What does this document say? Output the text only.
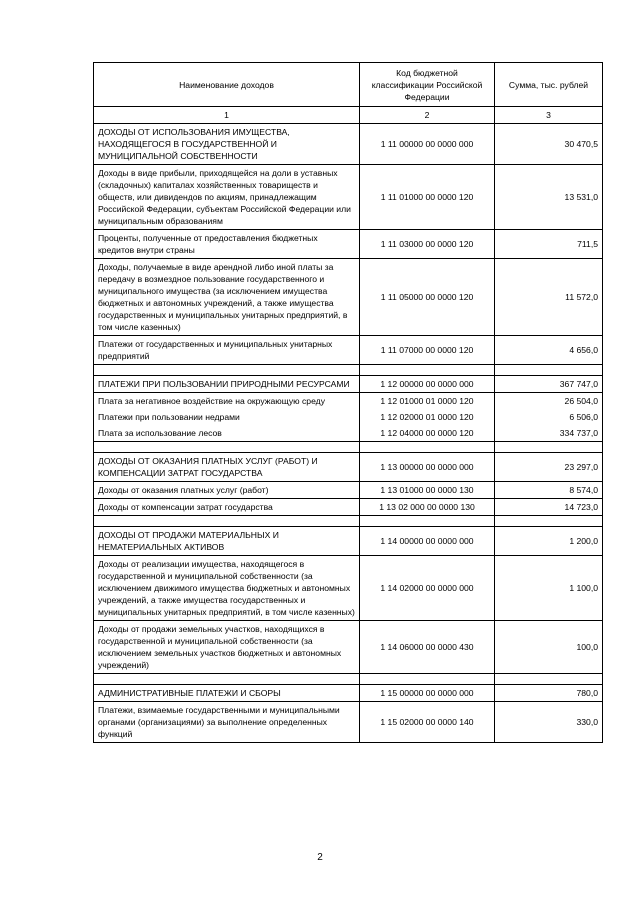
Наименование доходов	Код бюджетной классификации Российской Федерации	Сумма, тыс. рублей
1	2	3
ДОХОДЫ ОТ ИСПОЛЬЗОВАНИЯ ИМУЩЕСТВА, НАХОДЯЩЕГОСЯ В ГОСУДАРСТВЕННОЙ И МУНИЦИПАЛЬНОЙ СОБСТВЕННОСТИ	1 11 00000 00 0000 000	30 470,5
Доходы в виде прибыли, приходящейся на доли в уставных (складочных) капиталах хозяйственных товариществ и обществ, или дивидендов по акциям, принадлежащим Российской Федерации, субъектам Российской Федерации или муниципальным образованиям	1 11 01000 00 0000 120	13 531,0
Проценты, полученные от предоставления бюджетных кредитов внутри страны	1 11 03000 00 0000 120	711,5
Доходы, получаемые в виде арендной либо иной платы за передачу в возмездное пользование государственного и муниципального имущества (за исключением имущества бюджетных и автономных учреждений, а также имущества государственных и муниципальных унитарных предприятий, в том числе казенных)	1 11 05000 00 0000 120	11 572,0
Платежи от государственных и муниципальных унитарных предприятий	1 11 07000 00 0000 120	4 656,0

ПЛАТЕЖИ ПРИ ПОЛЬЗОВАНИИ ПРИРОДНЫМИ РЕСУРСАМИ	1 12 00000 00 0000 000	367 747,0
Плата за негативное воздействие на окружающую среду	1 12 01000 01 0000 120	26 504,0
Платежи при пользовании недрами	1 12 02000 01 0000 120	6 506,0
Плата за использование лесов	1 12 04000 00 0000 120	334 737,0

ДОХОДЫ ОТ ОКАЗАНИЯ ПЛАТНЫХ УСЛУГ (РАБОТ) И КОМПЕНСАЦИИ ЗАТРАТ ГОСУДАРСТВА	1 13 00000 00 0000 000	23 297,0
Доходы от оказания платных услуг (работ)	1 13 01000 00 0000 130	8 574,0
Доходы от компенсации затрат государства	1 13 02 000 00 0000 130	14 723,0

ДОХОДЫ ОТ ПРОДАЖИ МАТЕРИАЛЬНЫХ И НЕМАТЕРИАЛЬНЫХ АКТИВОВ	1 14 00000 00 0000 000	1 200,0
Доходы от реализации имущества, находящегося в государственной и муниципальной собственности (за исключением движимого имущества бюджетных и автономных учреждений, а также имущества государственных и муниципальных унитарных предприятий, в том числе казенных)	1 14 02000 00 0000 000	1 100,0
Доходы от продажи земельных участков, находящихся в государственной и муниципальной собственности (за исключением земельных участков бюджетных и автономных учреждений)	1 14 06000 00 0000 430	100,0

АДМИНИСТРАТИВНЫЕ ПЛАТЕЖИ И СБОРЫ	1 15 00000 00 0000 000	780,0
Платежи, взимаемые государственными и муниципальными органами (организациями) за выполнение определенных функций	1 15 02000 00 0000 140	330,0
2
